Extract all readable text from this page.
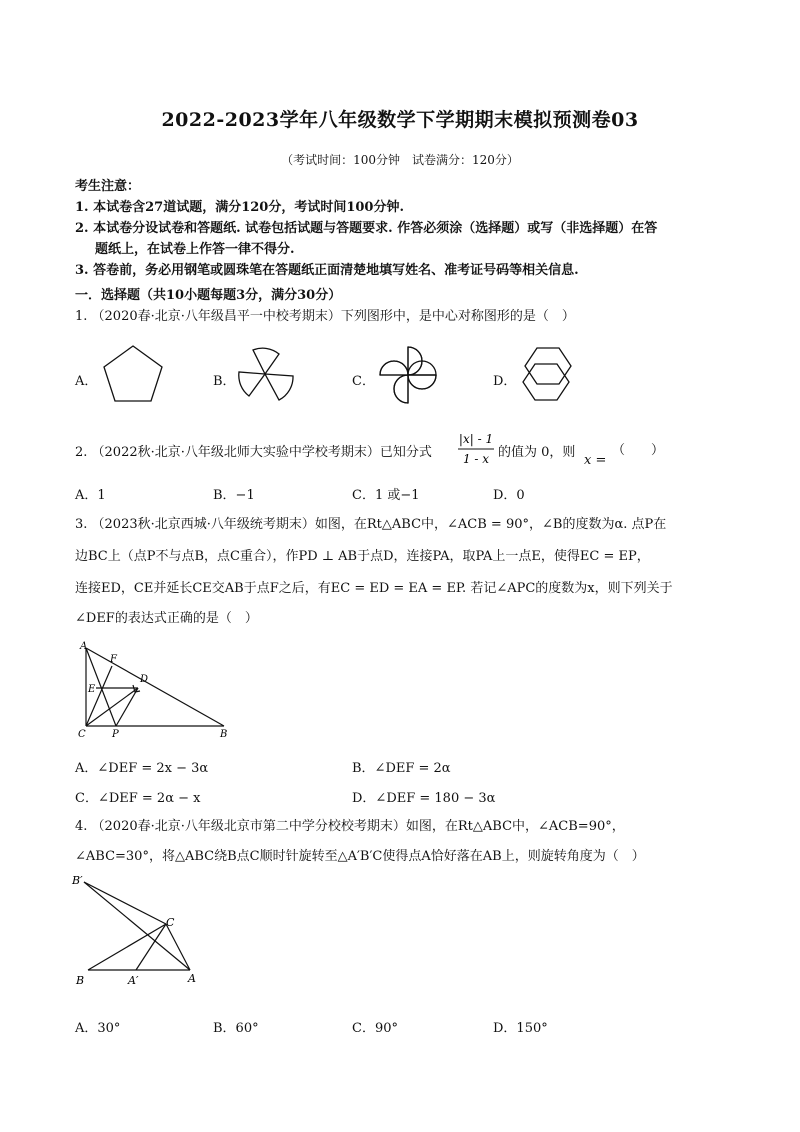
2022-2023学年八年级数学下学期期末模拟预测卷03
（考试时间：100分钟　试卷满分：120分）
考生注意：
1. 本试卷含27道试题，满分120分，考试时间100分钟.
2. 本试卷分设试卷和答题纸. 试卷包括试题与答题要求. 作答必须涂（选择题）或写（非选择题）在答
题纸上，在试卷上作答一律不得分.
3. 答卷前，务必用钢笔或圆珠笔在答题纸正面清楚地填写姓名、准考证号码等相关信息.
一．选择题（共10小题每题3分，满分30分）
1. （2020春·北京·八年级昌平一中校考期末）下列图形中，是中心对称图形的是（　）
A．	B．	C．	D．
2. （2022秋·北京·八年级北师大实验中学校考期末）已知分式
|x| - 1
1 - x 的值为 0，则
x =
（　　）
A．1	B．−1	C．1 或−1	D．0
3. （2023秋·北京西城·八年级统考期末）如图，在Rt△ABC中，∠ACB = 90°，∠B的度数为α. 点P在
边BC上（点P不与点B，点C重合），作PD ⊥ AB于点D，连接PA，取PA上一点E，使得EC = EP，
连接ED，CE并延长CE交AB于点F之后，有EC = ED = EA = EP. 若记∠APC的度数为x，则下列关于
∠DEF的表达式正确的是（　）
A
F
D
E
C	P	B
A．∠DEF = 2x − 3α	B．∠DEF = 2α
C．∠DEF = 2α − x	D．∠DEF = 180 − 3α
4. （2020春·北京·八年级北京市第二中学分校校考期末）如图，在Rt△ABC中，∠ACB=90°，
∠ABC=30°，将△ABC绕B点C顺时针旋转至△A′B′C使得点A恰好落在AB上，则旋转角度为（　）
B′
C
B	A′	A
A．30°	B．60°	C．90°	D．150°
